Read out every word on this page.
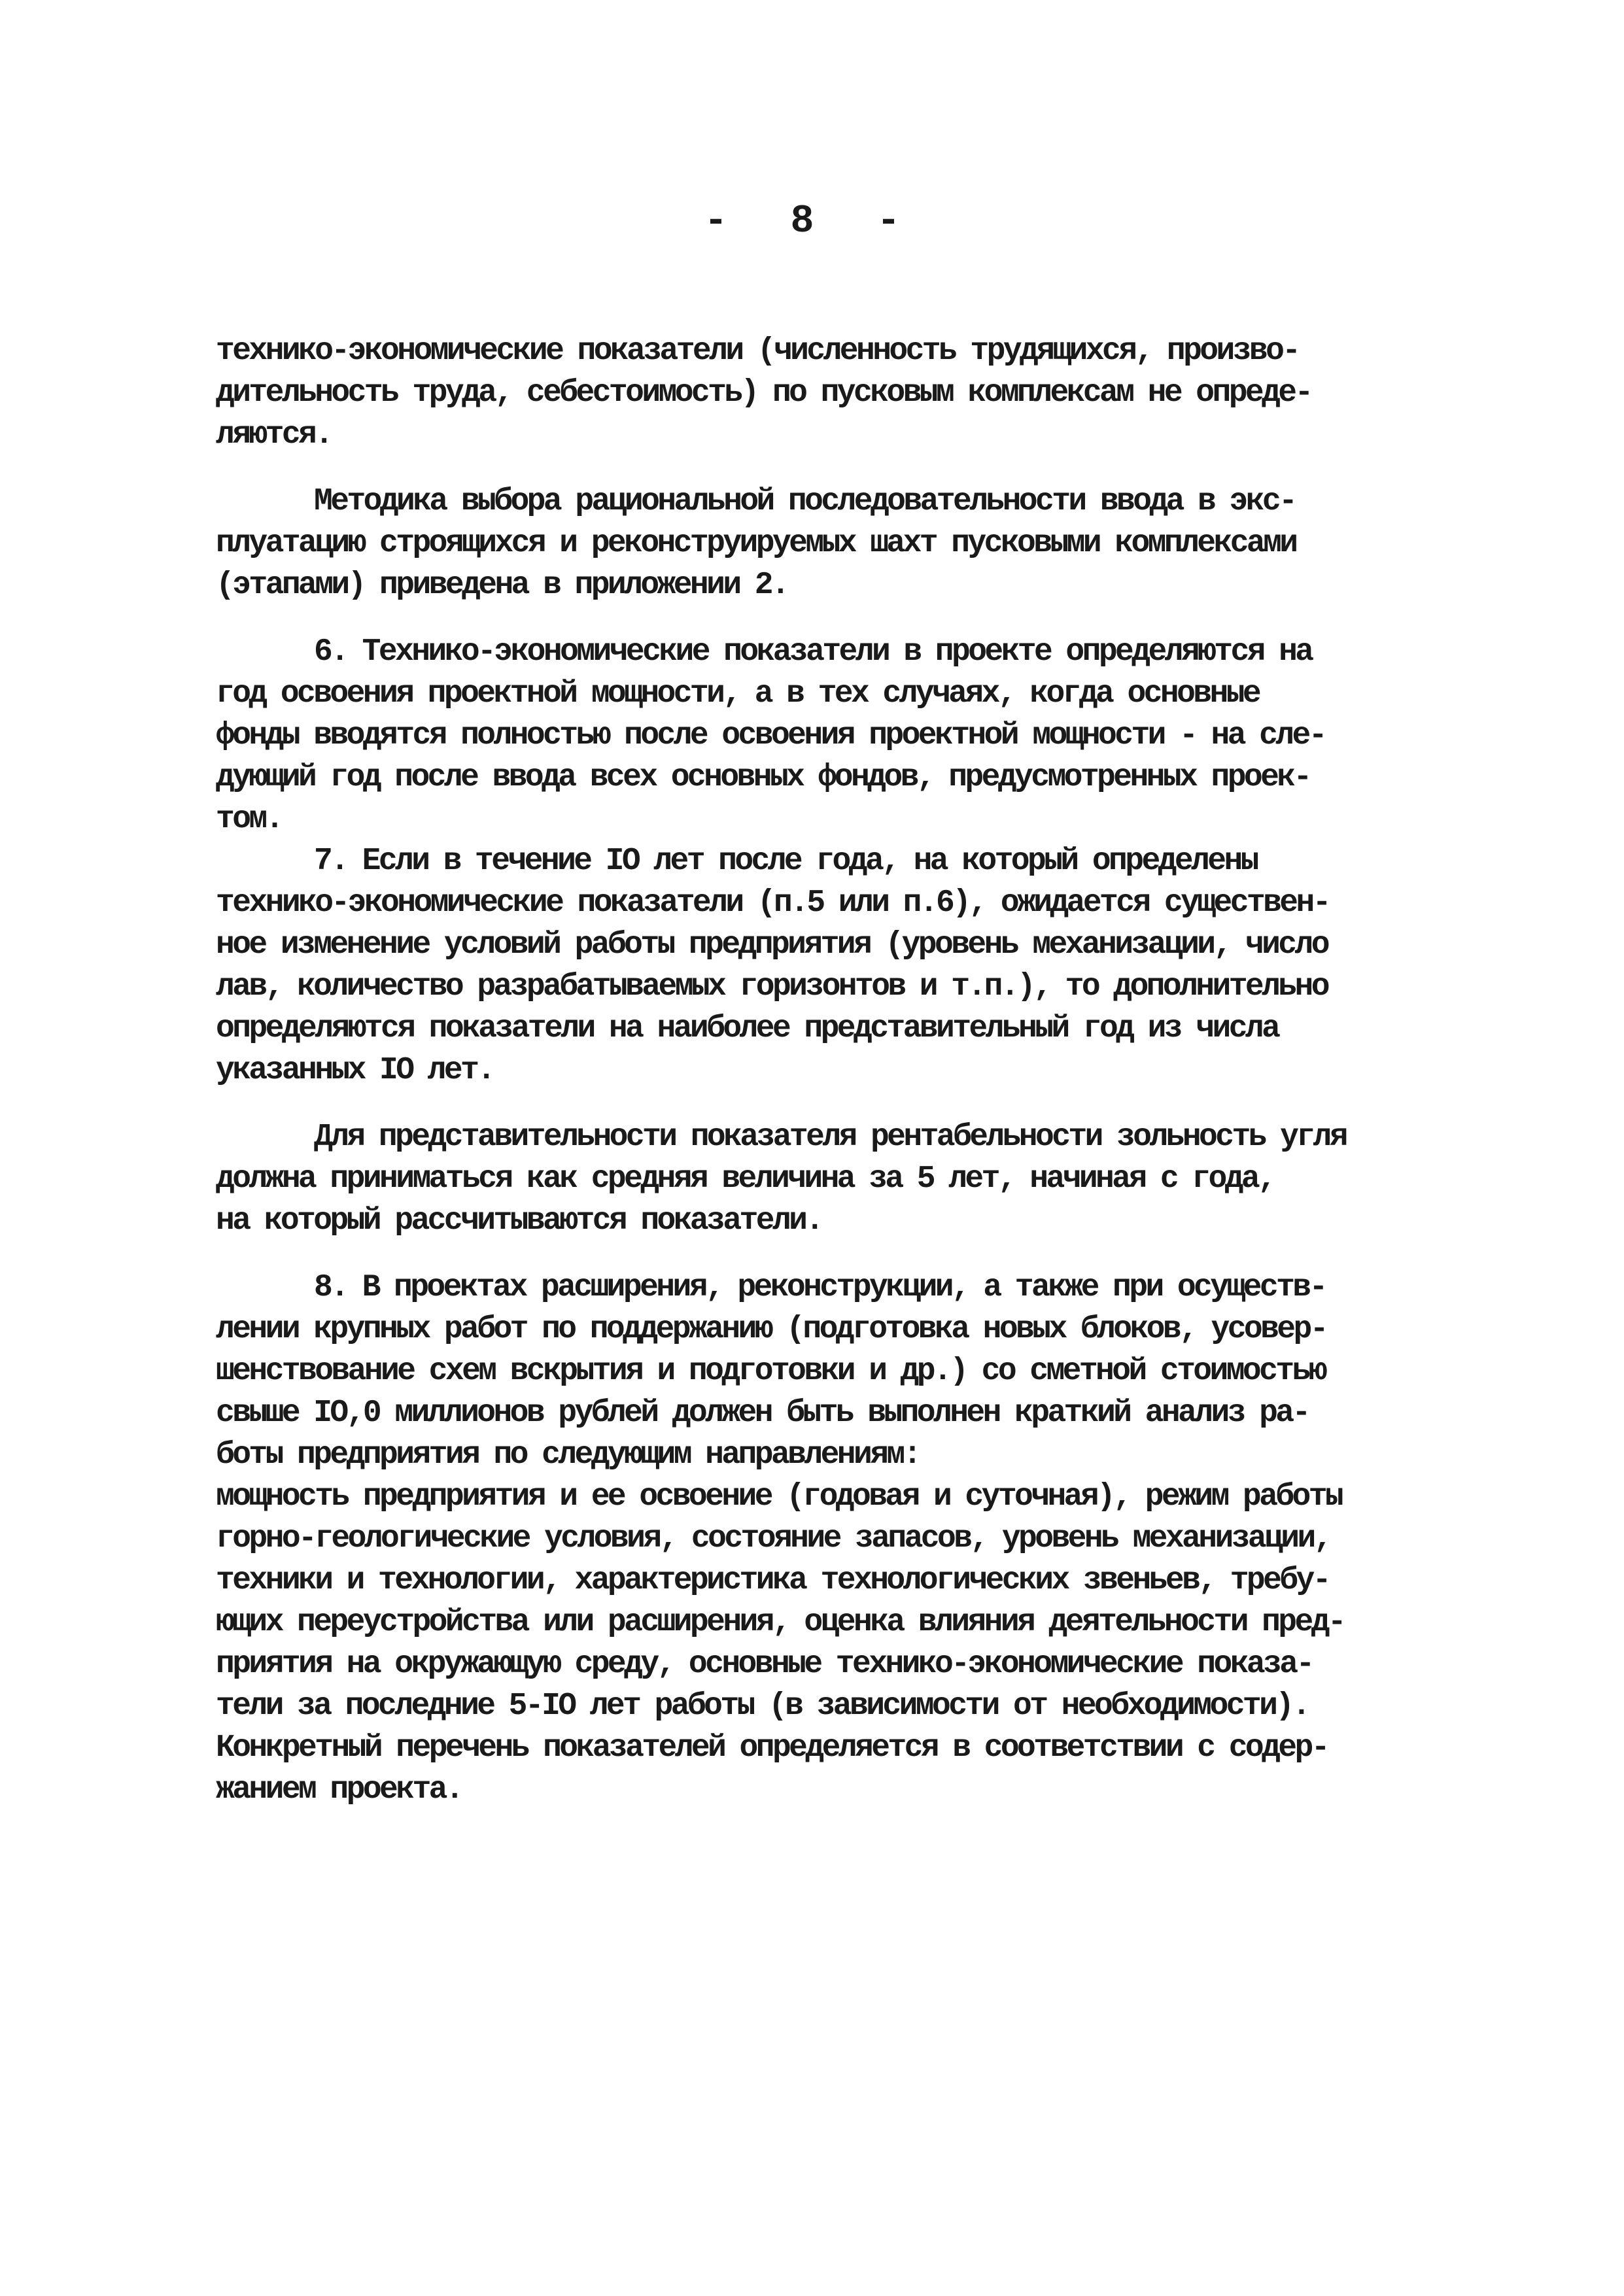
- 8 -
технико-экономические показатели (численность трудящихся, произво-
дительность труда, себестоимость) по пусковым комплексам не опреде-
ляются.
Методика выбора рациональной последовательности ввода в экс-
плуатацию строящихся и реконструируемых шахт пусковыми комплексами
(этапами) приведена в приложении 2.
6. Технико-экономические показатели в проекте определяются на
год освоения проектной мощности, а в тех случаях, когда основные
фонды вводятся полностью после освоения проектной мощности - на сле-
дующий год после ввода всех основных фондов, предусмотренных проек-
том.
7. Если в течение IO лет после года, на который определены
технико-экономические показатели (п.5 или п.6), ожидается существен-
ное изменение условий работы предприятия (уровень механизации, число
лав, количество разрабатываемых горизонтов и т.п.), то дополнительно
определяются показатели на наиболее представительный год из числа
указанных IO лет.
Для представительности показателя рентабельности зольность угля
должна приниматься как средняя величина за 5 лет, начиная с года,
на который рассчитываются показатели.
8. В проектах расширения, реконструкции, а также при осуществ-
лении крупных работ по поддержанию (подготовка новых блоков, усовер-
шенствование схем вскрытия и подготовки и др.) со сметной стоимостью
свыше IO,0 миллионов рублей должен быть выполнен краткий анализ ра-
боты предприятия по следующим направлениям:
мощность предприятия и ее освоение (годовая и суточная), режим работы
горно-геологические условия, состояние запасов, уровень механизации,
техники и технологии, характеристика технологических звеньев, требу-
ющих переустройства или расширения, оценка влияния деятельности пред-
приятия на окружающую среду, основные технико-экономические показа-
тели за последние 5-IO лет работы (в зависимости от необходимости).
Конкретный перечень показателей определяется в соответствии с содер-
жанием проекта.
